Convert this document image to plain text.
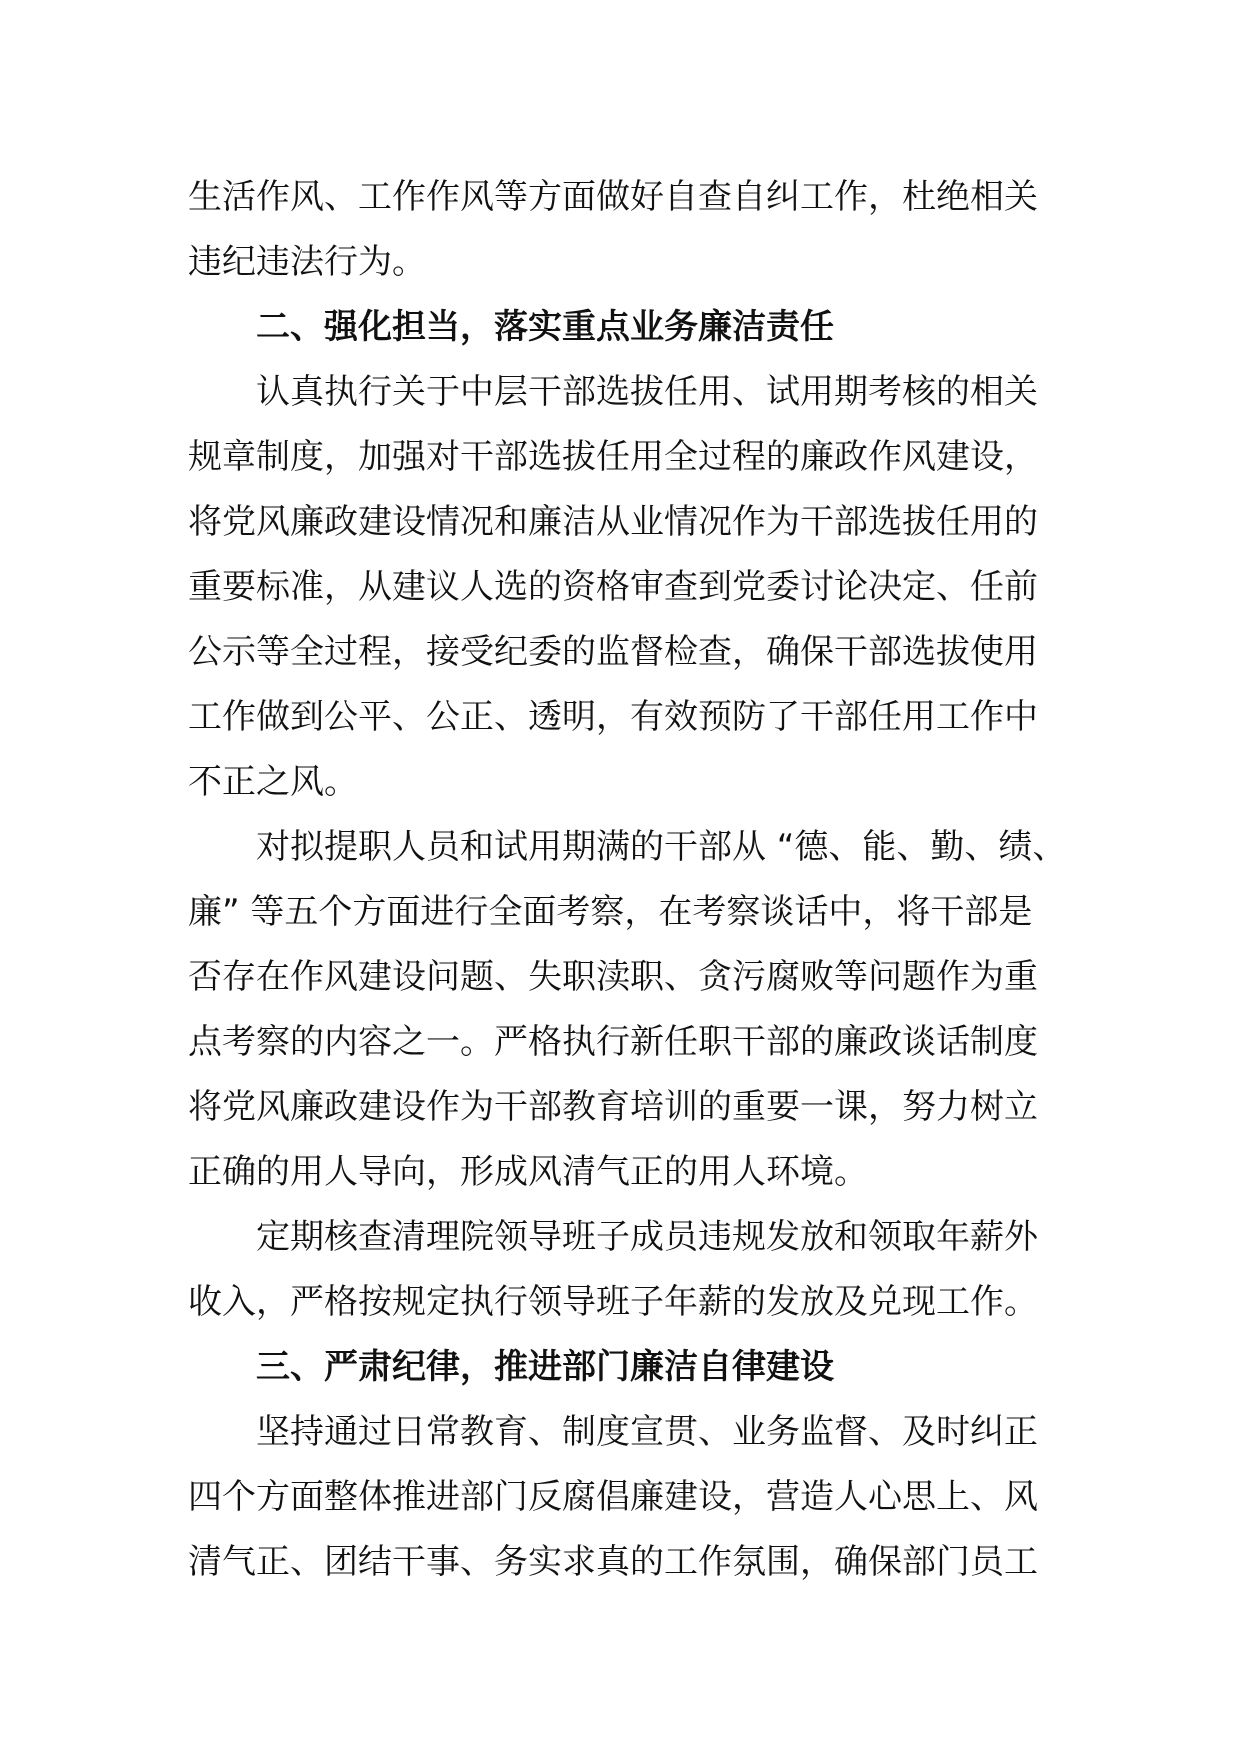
生活作风、工作作风等方面做好自查自纠工作，杜绝相关
违纪违法行为。
二、强化担当，落实重点业务廉洁责任
认真执行关于中层干部选拔任用、试用期考核的相关
规章制度，加强对干部选拔任用全过程的廉政作风建设，
将党风廉政建设情况和廉洁从业情况作为干部选拔任用的
重要标准，从建议人选的资格审查到党委讨论决定、任前
公示等全过程，接受纪委的监督检查，确保干部选拔使用
工作做到公平、公正、透明，有效预防了干部任用工作中
不正之风。
对拟提职人员和试用期满的干部从 “德、能、勤、绩、
廉” 等五个方面进行全面考察，在考察谈话中，将干部是
否存在作风建设问题、失职渎职、贪污腐败等问题作为重
点考察的内容之一。严格执行新任职干部的廉政谈话制度
将党风廉政建设作为干部教育培训的重要一课，努力树立
正确的用人导向，形成风清气正的用人环境。
定期核查清理院领导班子成员违规发放和领取年薪外
收入，严格按规定执行领导班子年薪的发放及兑现工作。
三、严肃纪律，推进部门廉洁自律建设
坚持通过日常教育、制度宣贯、业务监督、及时纠正
四个方面整体推进部门反腐倡廉建设，营造人心思上、风
清气正、团结干事、务实求真的工作氛围，确保部门员工
